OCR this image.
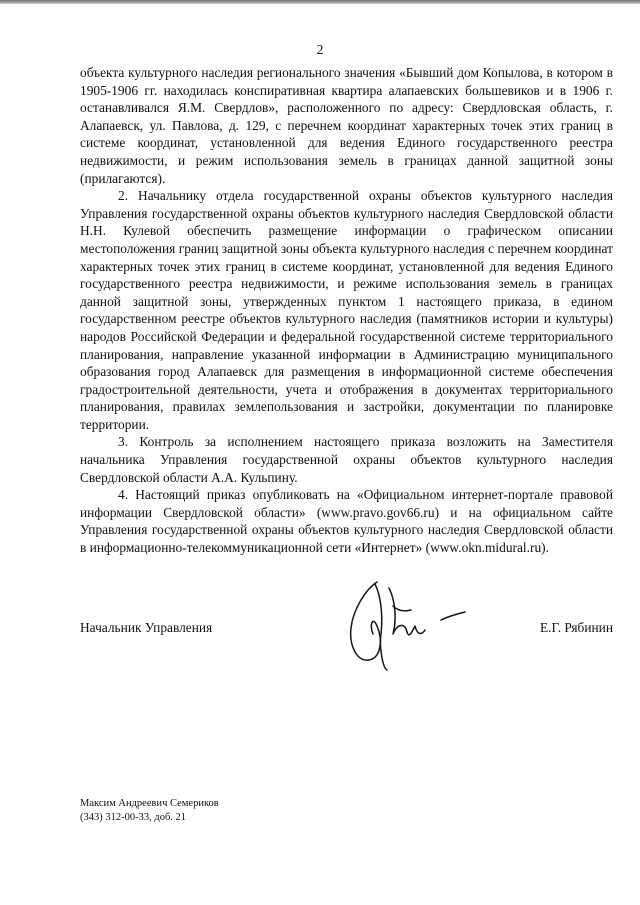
2

объекта культурного наследия регионального значения «Бывший дом Копылова, в котором в 1905-1906 гг. находилась конспиративная квартира алапаевских большевиков и в 1906 г. останавливался Я.М. Свердлов», расположенного по адресу: Свердловская область, г. Алапаевск, ул. Павлова, д. 129, с перечнем координат характерных точек этих границ в системе координат, установленной для ведения Единого государственного реестра недвижимости, и режим использования земель в границах данной защитной зоны (прилагаются).

2. Начальнику отдела государственной охраны объектов культурного наследия Управления государственной охраны объектов культурного наследия Свердловской области Н.Н. Кулевой обеспечить размещение информации о графическом описании местоположения границ защитной зоны объекта культурного наследия с перечнем координат характерных точек этих границ в системе координат, установленной для ведения Единого государственного реестра недвижимости, и режиме использования земель в границах данной защитной зоны, утвержденных пунктом 1 настоящего приказа, в едином государственном реестре объектов культурного наследия (памятников истории и культуры) народов Российской Федерации и федеральной государственной системе территориального планирования, направление указанной информации в Администрацию муниципального образования город Алапаевск для размещения в информационной системе обеспечения градостроительной деятельности, учета и отображения в документах территориального планирования, правилах землепользования и застройки, документации по планировке территории.

3. Контроль за исполнением настоящего приказа возложить на Заместителя начальника Управления государственной охраны объектов культурного наследия Свердловской области А.А. Кульпину.

4. Настоящий приказ опубликовать на «Официальном интернет-портале правовой информации Свердловской области» (www.pravo.gov66.ru) и на официальном сайте Управления государственной охраны объектов культурного наследия Свердловской области в информационно-телекоммуникационной сети «Интернет» (www.okn.midural.ru).

Начальник Управления	Е.Г. Рябинин
Максим Андреевич Семериков
(343) 312-00-33, доб. 21
